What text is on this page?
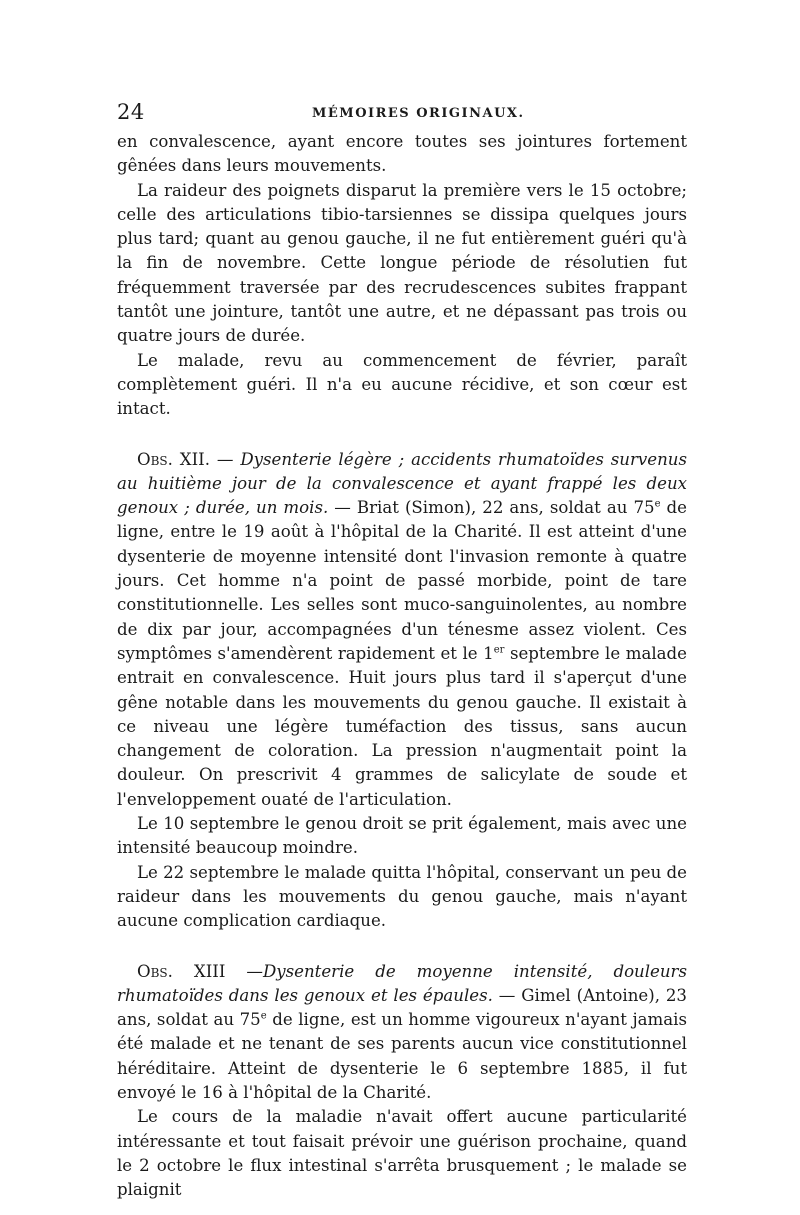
24	MÉMOIRES ORIGINAUX.

en convalescence, ayant encore toutes ses jointures fortement gênées dans leurs mouvements.

La raideur des poignets disparut la première vers le 15 octobre; celle des articulations tibio-tarsiennes se dissipa quelques jours plus tard; quant au genou gauche, il ne fut entièrement guéri qu'à la fin de novembre. Cette longue période de résolutien fut fréquemment traversée par des recrudescences subites frappant tantôt une jointure, tantôt une autre, et ne dépassant pas trois ou quatre jours de durée.

Le malade, revu au commencement de février, paraît complètement guéri. Il n'a eu aucune récidive, et son cœur est intact.

Obs. XII. — Dysenterie légère ; accidents rhumatoïdes survenus au huitième jour de la convalescence et ayant frappé les deux genoux ; durée, un mois. — Briat (Simon), 22 ans, soldat au 75e de ligne, entre le 19 août à l'hôpital de la Charité. Il est atteint d'une dysenterie de moyenne intensité dont l'invasion remonte à quatre jours. Cet homme n'a point de passé morbide, point de tare constitutionnelle. Les selles sont muco-sanguinolentes, au nombre de dix par jour, accompagnées d'un ténesme assez violent. Ces symptômes s'amendèrent rapidement et le 1er septembre le malade entrait en convalescence. Huit jours plus tard il s'aperçut d'une gêne notable dans les mouvements du genou gauche. Il existait à ce niveau une légère tuméfaction des tissus, sans aucun changement de coloration. La pression n'augmentait point la douleur. On prescrivit 4 grammes de salicylate de soude et l'enveloppement ouaté de l'articulation.

Le 10 septembre le genou droit se prit également, mais avec une intensité beaucoup moindre.

Le 22 septembre le malade quitta l'hôpital, conservant un peu de raideur dans les mouvements du genou gauche, mais n'ayant aucune complication cardiaque.

Obs. XIII —Dysenterie de moyenne intensité, douleurs rhumatoïdes dans les genoux et les épaules. — Gimel (Antoine), 23 ans, soldat au 75e de ligne, est un homme vigoureux n'ayant jamais été malade et ne tenant de ses parents aucun vice constitutionnel héréditaire. Atteint de dysenterie le 6 septembre 1885, il fut envoyé le 16 à l'hôpital de la Charité.

Le cours de la maladie n'avait offert aucune particularité intéressante et tout faisait prévoir une guérison prochaine, quand le 2 octobre le flux intestinal s'arrêta brusquement ; le malade se plaignit
